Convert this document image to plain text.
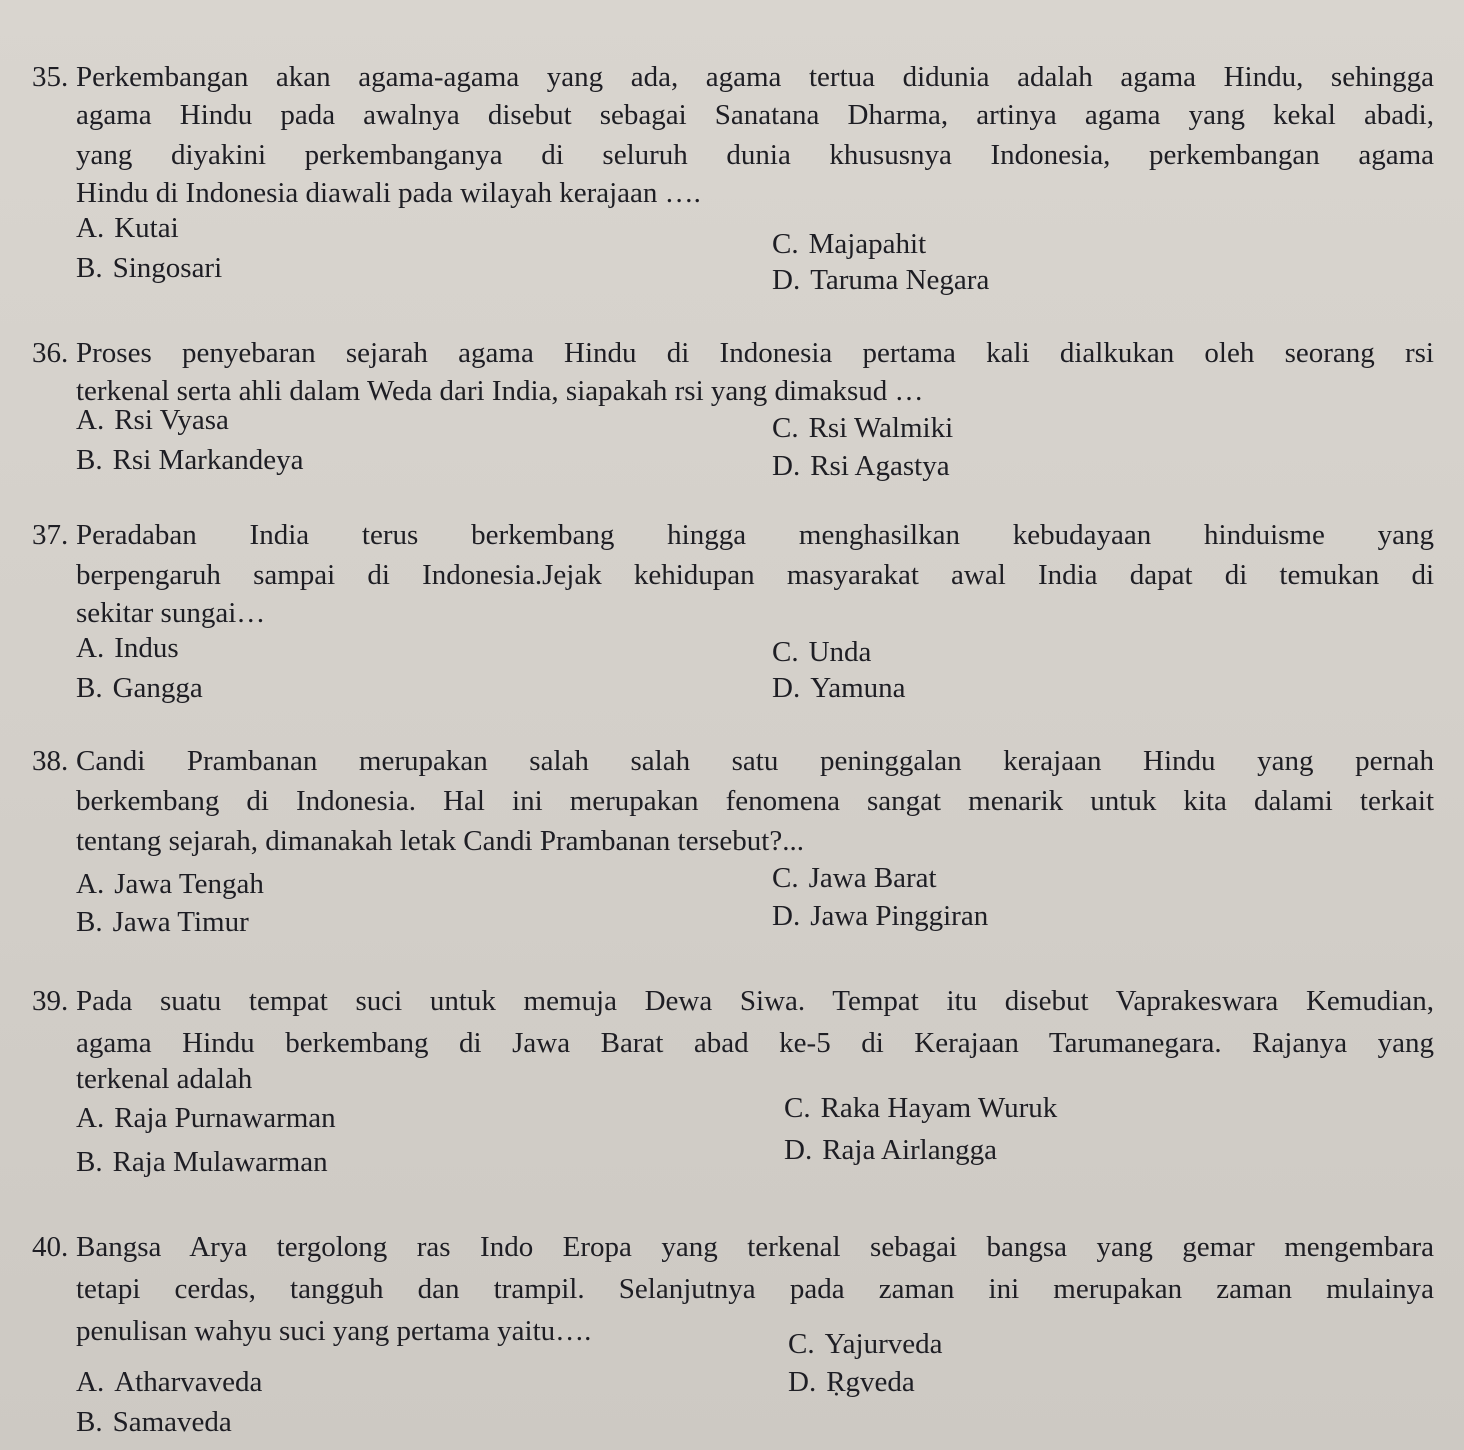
35. Perkembangan akan agama-agama yang ada, agama tertua didunia adalah agama Hindu, sehingga
agama Hindu pada awalnya disebut sebagai Sanatana Dharma, artinya agama yang kekal abadi,
yang diyakini perkembanganya di seluruh dunia khususnya Indonesia, perkembangan agama
Hindu di Indonesia diawali pada wilayah kerajaan ….
A. Kutai
B. Singosari
C. Majapahit
D. Taruma Negara
36. Proses penyebaran sejarah agama Hindu di Indonesia pertama kali dialkukan oleh seorang rsi
terkenal serta ahli dalam Weda dari India, siapakah rsi yang dimaksud …
A. Rsi Vyasa
B. Rsi Markandeya
C. Rsi Walmiki
D. Rsi Agastya
37. Peradaban India terus berkembang hingga menghasilkan kebudayaan hinduisme yang
berpengaruh sampai di Indonesia.Jejak kehidupan masyarakat awal India dapat di temukan di
sekitar sungai…
A. Indus
B. Gangga
C. Unda
D. Yamuna
38. Candi Prambanan merupakan salah salah satu peninggalan kerajaan Hindu yang pernah
berkembang di Indonesia. Hal ini merupakan fenomena sangat menarik untuk kita dalami terkait
tentang sejarah, dimanakah letak Candi Prambanan tersebut?...
A. Jawa Tengah
B. Jawa Timur
C. Jawa Barat
D. Jawa Pinggiran
39. Pada suatu tempat suci untuk memuja Dewa Siwa. Tempat itu disebut Vaprakeswara Kemudian,
agama Hindu berkembang di Jawa Barat abad ke-5 di Kerajaan Tarumanegara. Rajanya yang
terkenal adalah
A. Raja Purnawarman
B. Raja Mulawarman
C. Raka Hayam Wuruk
D. Raja Airlangga
40. Bangsa Arya tergolong ras Indo Eropa yang terkenal sebagai bangsa yang gemar mengembara
tetapi cerdas, tangguh dan trampil. Selanjutnya pada zaman ini merupakan zaman mulainya
penulisan wahyu suci yang pertama yaitu….
A. Atharvaveda
B. Samaveda
C. Yajurveda
D. Ṛgveda
